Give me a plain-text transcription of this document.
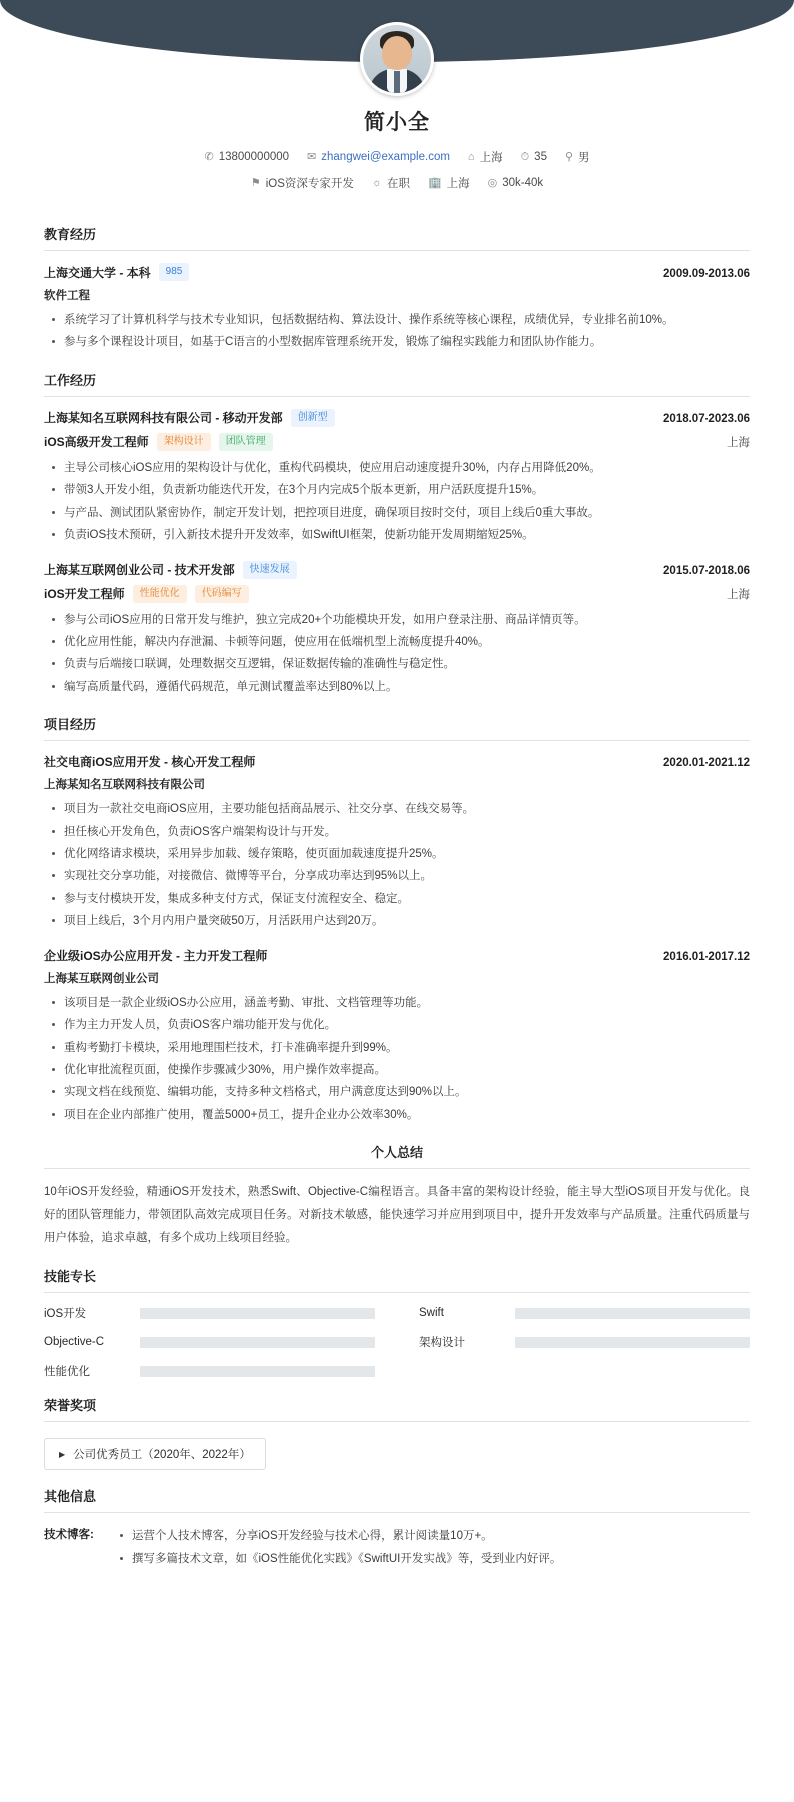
简小全
✆ 13800000000 ✉ zhangwei@example.com ⌂ 上海 ⏱ 35 ⚲ 男
⚑ iOS资深专家开发 ☼ 在职 🏢 上海 ◎ 30k-40k
教育经历
上海交通大学 - 本科	985	2009.09-2013.06
软件工程
系统学习了计算机科学与技术专业知识，包括数据结构、算法设计、操作系统等核心课程，成绩优异，专业排名前10%。
参与多个课程设计项目，如基于C语言的小型数据库管理系统开发，锻炼了编程实践能力和团队协作能力。
工作经历
上海某知名互联网科技有限公司 - 移动开发部	创新型	2018.07-2023.06
iOS高级开发工程师	架构设计	团队管理	上海
主导公司核心iOS应用的架构设计与优化，重构代码模块，使应用启动速度提升30%，内存占用降低20%。
带领3人开发小组，负责新功能迭代开发，在3个月内完成5个版本更新，用户活跃度提升15%。
与产品、测试团队紧密协作，制定开发计划，把控项目进度，确保项目按时交付，项目上线后0重大事故。
负责iOS技术预研，引入新技术提升开发效率，如SwiftUI框架，使新功能开发周期缩短25%。
上海某互联网创业公司 - 技术开发部	快速发展	2015.07-2018.06
iOS开发工程师	性能优化	代码编写	上海
参与公司iOS应用的日常开发与维护，独立完成20+个功能模块开发，如用户登录注册、商品详情页等。
优化应用性能，解决内存泄漏、卡顿等问题，使应用在低端机型上流畅度提升40%。
负责与后端接口联调，处理数据交互逻辑，保证数据传输的准确性与稳定性。
编写高质量代码，遵循代码规范，单元测试覆盖率达到80%以上。
项目经历
社交电商iOS应用开发 - 核心开发工程师	2020.01-2021.12
上海某知名互联网科技有限公司
项目为一款社交电商iOS应用，主要功能包括商品展示、社交分享、在线交易等。
担任核心开发角色，负责iOS客户端架构设计与开发。
优化网络请求模块，采用异步加载、缓存策略，使页面加载速度提升25%。
实现社交分享功能，对接微信、微博等平台，分享成功率达到95%以上。
参与支付模块开发，集成多种支付方式，保证支付流程安全、稳定。
项目上线后，3个月内用户量突破50万，月活跃用户达到20万。
企业级iOS办公应用开发 - 主力开发工程师	2016.01-2017.12
上海某互联网创业公司
该项目是一款企业级iOS办公应用，涵盖考勤、审批、文档管理等功能。
作为主力开发人员，负责iOS客户端功能开发与优化。
重构考勤打卡模块，采用地理围栏技术，打卡准确率提升到99%。
优化审批流程页面，使操作步骤减少30%，用户操作效率提高。
实现文档在线预览、编辑功能，支持多种文档格式，用户满意度达到90%以上。
项目在企业内部推广使用，覆盖5000+员工，提升企业办公效率30%。
个人总结
10年iOS开发经验，精通iOS开发技术，熟悉Swift、Objective-C编程语言。具备丰富的架构设计经验，能主导大型iOS项目开发与优化。良好的团队管理能力，带领团队高效完成项目任务。对新技术敏感，能快速学习并应用到项目中，提升开发效率与产品质量。注重代码质量与用户体验，追求卓越，有多个成功上线项目经验。
技能专长
iOS开发	Swift
Objective-C	架构设计
性能优化
荣誉奖项
▶ 公司优秀员工（2020年、2022年）
其他信息
技术博客:	运营个人技术博客，分享iOS开发经验与技术心得，累计阅读量10万+。
撰写多篇技术文章，如《iOS性能优化实践》《SwiftUI开发实战》等，受到业内好评。
